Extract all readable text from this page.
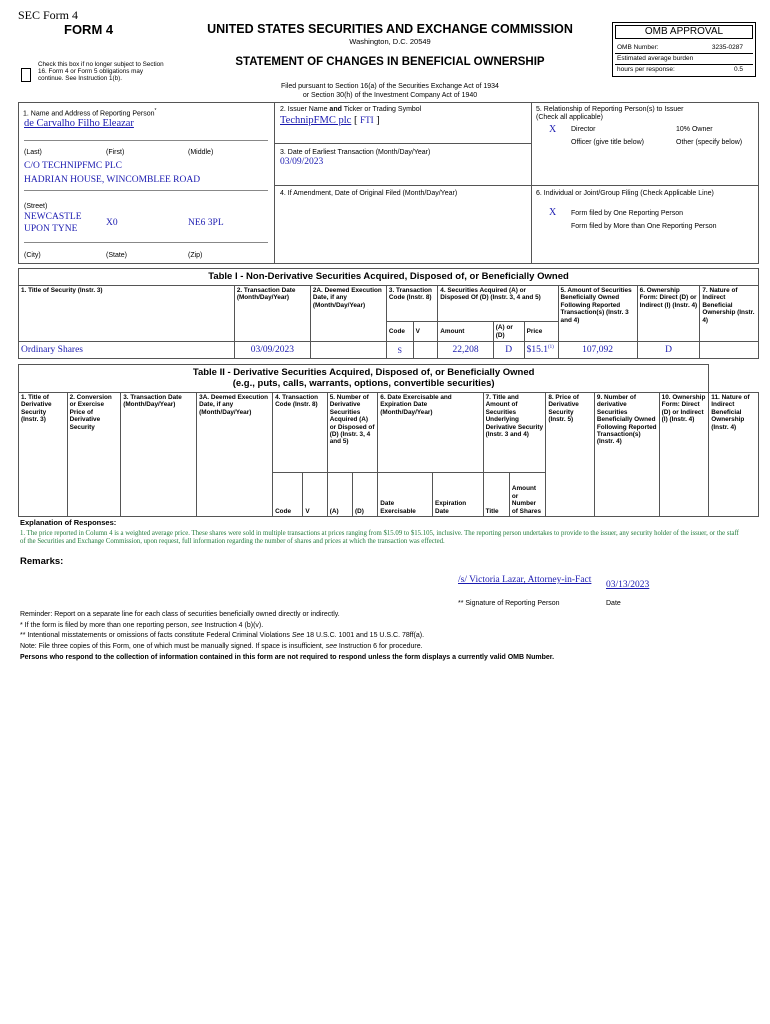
SEC Form 4
FORM 4	UNITED STATES SECURITIES AND EXCHANGE COMMISSION
Washington, D.C. 20549
Check this box if no longer subject to Section 16. Form 4 or Form 5 obligations may continue. See Instruction 1(b).
STATEMENT OF CHANGES IN BENEFICIAL OWNERSHIP
Filed pursuant to Section 16(a) of the Securities Exchange Act of 1934
or Section 30(h) of the Investment Company Act of 1940
OMB APPROVAL
OMB Number:	3235-0287
Estimated average burden
hours per response:	0.5
1. Name and Address of Reporting Person*
de Carvalho Filho Eleazar
(Last)	(First)	(Middle)
C/O TECHNIPFMC PLC
HADRIAN HOUSE, WINCOMBLEE ROAD
(Street)
NEWCASTLE UPON TYNE
X0	NE6 3PL
(City)	(State)	(Zip)
2. Issuer Name and Ticker or Trading Symbol
TechnipFMC plc [ FTI ]
3. Date of Earliest Transaction (Month/Day/Year)
03/09/2023
4. If Amendment, Date of Original Filed (Month/Day/Year)
5. Relationship of Reporting Person(s) to Issuer
(Check all applicable)
X Director	10% Owner
Officer (give title below)	Other (specify below)
6. Individual or Joint/Group Filing (Check Applicable Line)
X Form filed by One Reporting Person
Form filed by More than One Reporting Person
Table I - Non-Derivative Securities Acquired, Disposed of, or Beneficially Owned										
1. Title of Security (Instr. 3)	2. Transaction Date (Month/Day/Year)	2A. Deemed Execution Date, if any (Month/Day/Year)	3. Transaction Code (Instr. 8)		4. Securities Acquired (A) or Disposed Of (D) (Instr. 3, 4 and 5)			5. Amount of Securities Beneficially Owned Following Reported Transaction(s) (Instr. 3 and 4)	6. Ownership Form: Direct (D) or Indirect (I) (Instr. 4)	7. Nature of Indirect Beneficial Ownership (Instr. 4)
			Code	V	Amount	(A) or (D)	Price			
Ordinary Shares	03/09/2023		S		22,208	D	$15.1$^{(1)}$	107,092	D	
Table II - Derivative Securities Acquired, Disposed of, or Beneficially Owned
(e.g., puts, calls, warrants, options, convertible securities)															
1. Title of Derivative Security (Instr. 3)	2. Conversion or Exercise Price of Derivative Security	3. Transaction Date (Month/Day/Year)	3A. Deemed Execution Date, if any (Month/Day/Year)	4. Transaction Code (Instr. 8)		5. Number of Derivative Securities Acquired (A) or Disposed of (D) (Instr. 3, 4 and 5)		6. Date Exercisable and Expiration Date (Month/Day/Year)		7. Title and Amount of Securities Underlying Derivative Security (Instr. 3 and 4)		8. Price of Derivative Security (Instr. 5)	9. Number of derivative Securities Beneficially Owned Following Reported Transaction(s) (Instr. 4)	10. Ownership Form: Direct (D) or Indirect (I) (Instr. 4)	11. Nature of Indirect Beneficial Ownership (Instr. 4)
				Code	V	(A)	(D)	Date Exercisable	Expiration Date	Title	Amount or Number of Shares				
Explanation of Responses:
1. The price reported in Column 4 is a weighted average price. These shares were sold in multiple transactions at prices ranging from $15.09 to $15.105, inclusive. The reporting person undertakes to provide to the issuer, any security holder of the issuer, or the staff of the Securities and Exchange Commission, upon request, full information regarding the number of shares and prices at which the transaction was effected.
Remarks:
/s/ Victoria Lazar, Attorney-in-Fact	03/13/2023
** Signature of Reporting Person	Date
Reminder: Report on a separate line for each class of securities beneficially owned directly or indirectly.
* If the form is filed by more than one reporting person, see Instruction 4 (b)(v).
** Intentional misstatements or omissions of facts constitute Federal Criminal Violations See 18 U.S.C. 1001 and 15 U.S.C. 78ff(a).
Note: File three copies of this Form, one of which must be manually signed. If space is insufficient, see Instruction 6 for procedure.
Persons who respond to the collection of information contained in this form are not required to respond unless the form displays a currently valid OMB Number.
